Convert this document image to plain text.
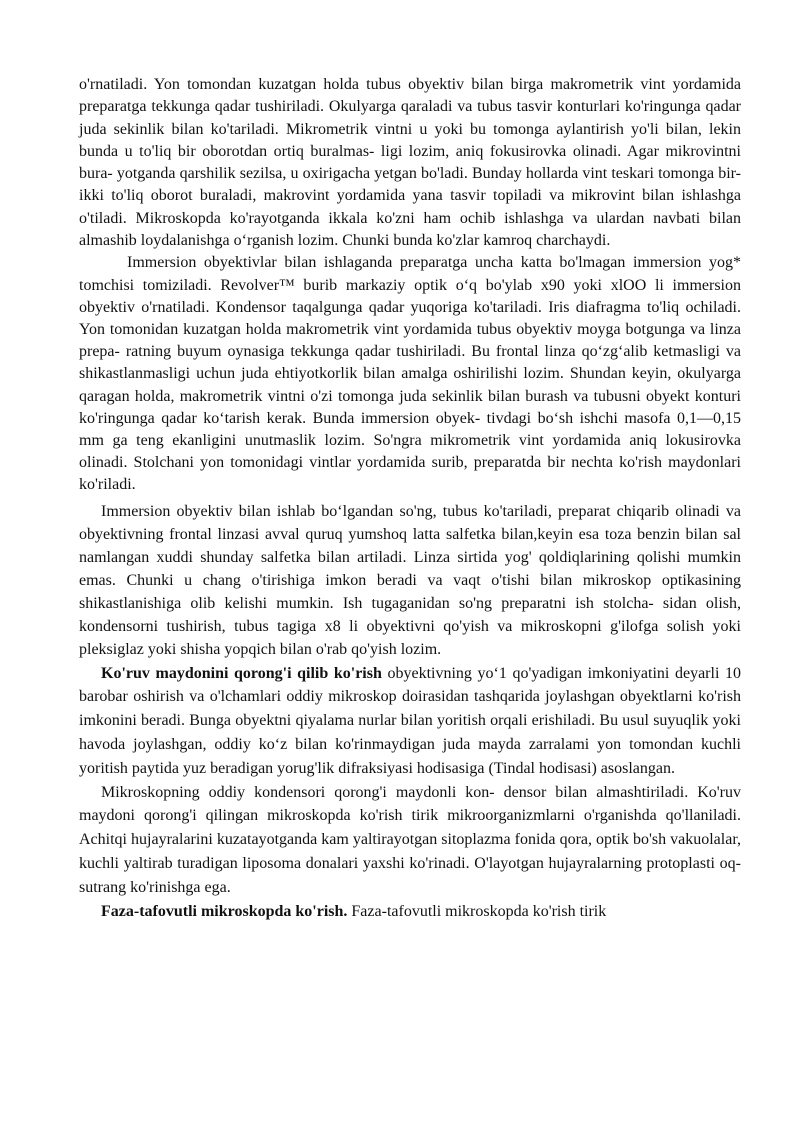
o'rnatiladi. Yon tomondan kuzatgan holda tubus obyektiv bilan birga makrometrik vint yordamida preparatga tekkunga qadar tushiriladi. Okulyarga qaraladi va tubus tasvir konturlari ko'ringunga qadar juda sekinlik bilan ko'tariladi. Mikrometrik vintni u yoki bu tomonga aylantirish yo'li bilan, lekin bunda u to'liq bir oborotdan ortiq buralmas- ligi lozim, aniq fokusirovka olinadi. Agar mikrovintni bura- yotganda qarshilik sezilsa, u oxirigacha yetgan bo'ladi. Bunday hollarda vint teskari tomonga bir-ikki to'liq oborot buraladi, makrovint yordamida yana tasvir topiladi va mikrovint bilan ishlashga o'tiladi. Mikroskopda ko'rayotganda ikkala ko'zni ham ochib ishlashga va ulardan navbati bilan almashib loydalanishga o‘rganish lozim. Chunki bunda ko'zlar kamroq charchaydi.

Immersion obyektivlar bilan ishlaganda preparatga uncha katta bo'lmagan immersion yog* tomchisi tomiziladi. Revolver™ burib markaziy optik o‘q bo'ylab x90 yoki xlOO li immersion obyektiv o'rnatiladi. Kondensor taqalgunga qadar yuqoriga ko'tariladi. Iris diafragma to'liq ochiladi. Yon tomonidan kuzatgan holda makrometrik vint yordamida tubus obyektiv moyga botgunga va linza prepa- ratning buyum oynasiga tekkunga qadar tushiriladi. Bu frontal linza qo‘zg‘alib ketmasligi va shikastlanmasligi uchun juda ehtiyotkorlik bilan amalga oshirilishi lozim. Shundan keyin, okulyarga qaragan holda, makrometrik vintni o'zi tomonga juda sekinlik bilan burash va tubusni obyekt konturi ko'ringunga qadar ko‘tarish kerak. Bunda immersion obyek- tivdagi bo‘sh ishchi masofa 0,1—0,15 mm ga teng ekanligini unutmaslik lozim. So'ngra mikrometrik vint yordamida aniq lokusirovka olinadi. Stolchani yon tomonidagi vintlar yordamida surib, preparatda bir nechta ko'rish maydonlari ko'riladi.

Immersion obyektiv bilan ishlab bo‘lgandan so'ng, tubus ko'tariladi, preparat chiqarib olinadi va obyektivning frontal linzasi avval quruq yumshoq latta salfetka bilan,keyin esa toza benzin bilan sal namlangan xuddi shunday salfetka bilan artiladi. Linza sirtida yog' qoldiqlarining qolishi mumkin emas. Chunki u chang o'tirishiga imkon beradi va vaqt o'tishi bilan mikroskop optikasining shikastlanishiga olib kelishi mumkin. Ish tugaganidan so'ng preparatni ish stolcha- sidan olish, kondensorni tushirish, tubus tagiga x8 li obyektivni qo'yish va mikroskopni g'ilofga solish yoki pleksiglaz yoki shisha yopqich bilan o'rab qo'yish lozim.

Ko'ruv maydonini qorong'i qilib ko'rish obyektivning yo‘1 qo'yadigan imkoniyatini deyarli 10 barobar oshirish va o'lchamlari oddiy mikroskop doirasidan tashqarida joylashgan obyektlarni ko'rish imkonini beradi. Bunga obyektni qiyalama nurlar bilan yoritish orqali erishiladi. Bu usul suyuqlik yoki havoda joylashgan, oddiy ko‘z bilan ko'rinmaydigan juda mayda zarralami yon tomondan kuchli yoritish paytida yuz beradigan yorug'lik difraksiyasi hodisasiga (Tindal hodisasi) asoslangan.

Mikroskopning oddiy kondensori qorong'i maydonli kon- densor bilan almashtiriladi. Ko'ruv maydoni qorong'i qilingan mikroskopda ko'rish tirik mikroorganizmlarni o'rganishda qo'llaniladi. Achitqi hujayralarini kuzatayotganda kam yaltirayotgan sitoplazma fonida qora, optik bo'sh vakuolalar, kuchli yaltirab turadigan liposoma donalari yaxshi ko'rinadi. O'layotgan hujayralarning protoplasti oq-sutrang ko'rinishga ega.

Faza-tafovutli mikroskopda ko'rish. Faza-tafovutli mikroskopda ko'rish tirik
